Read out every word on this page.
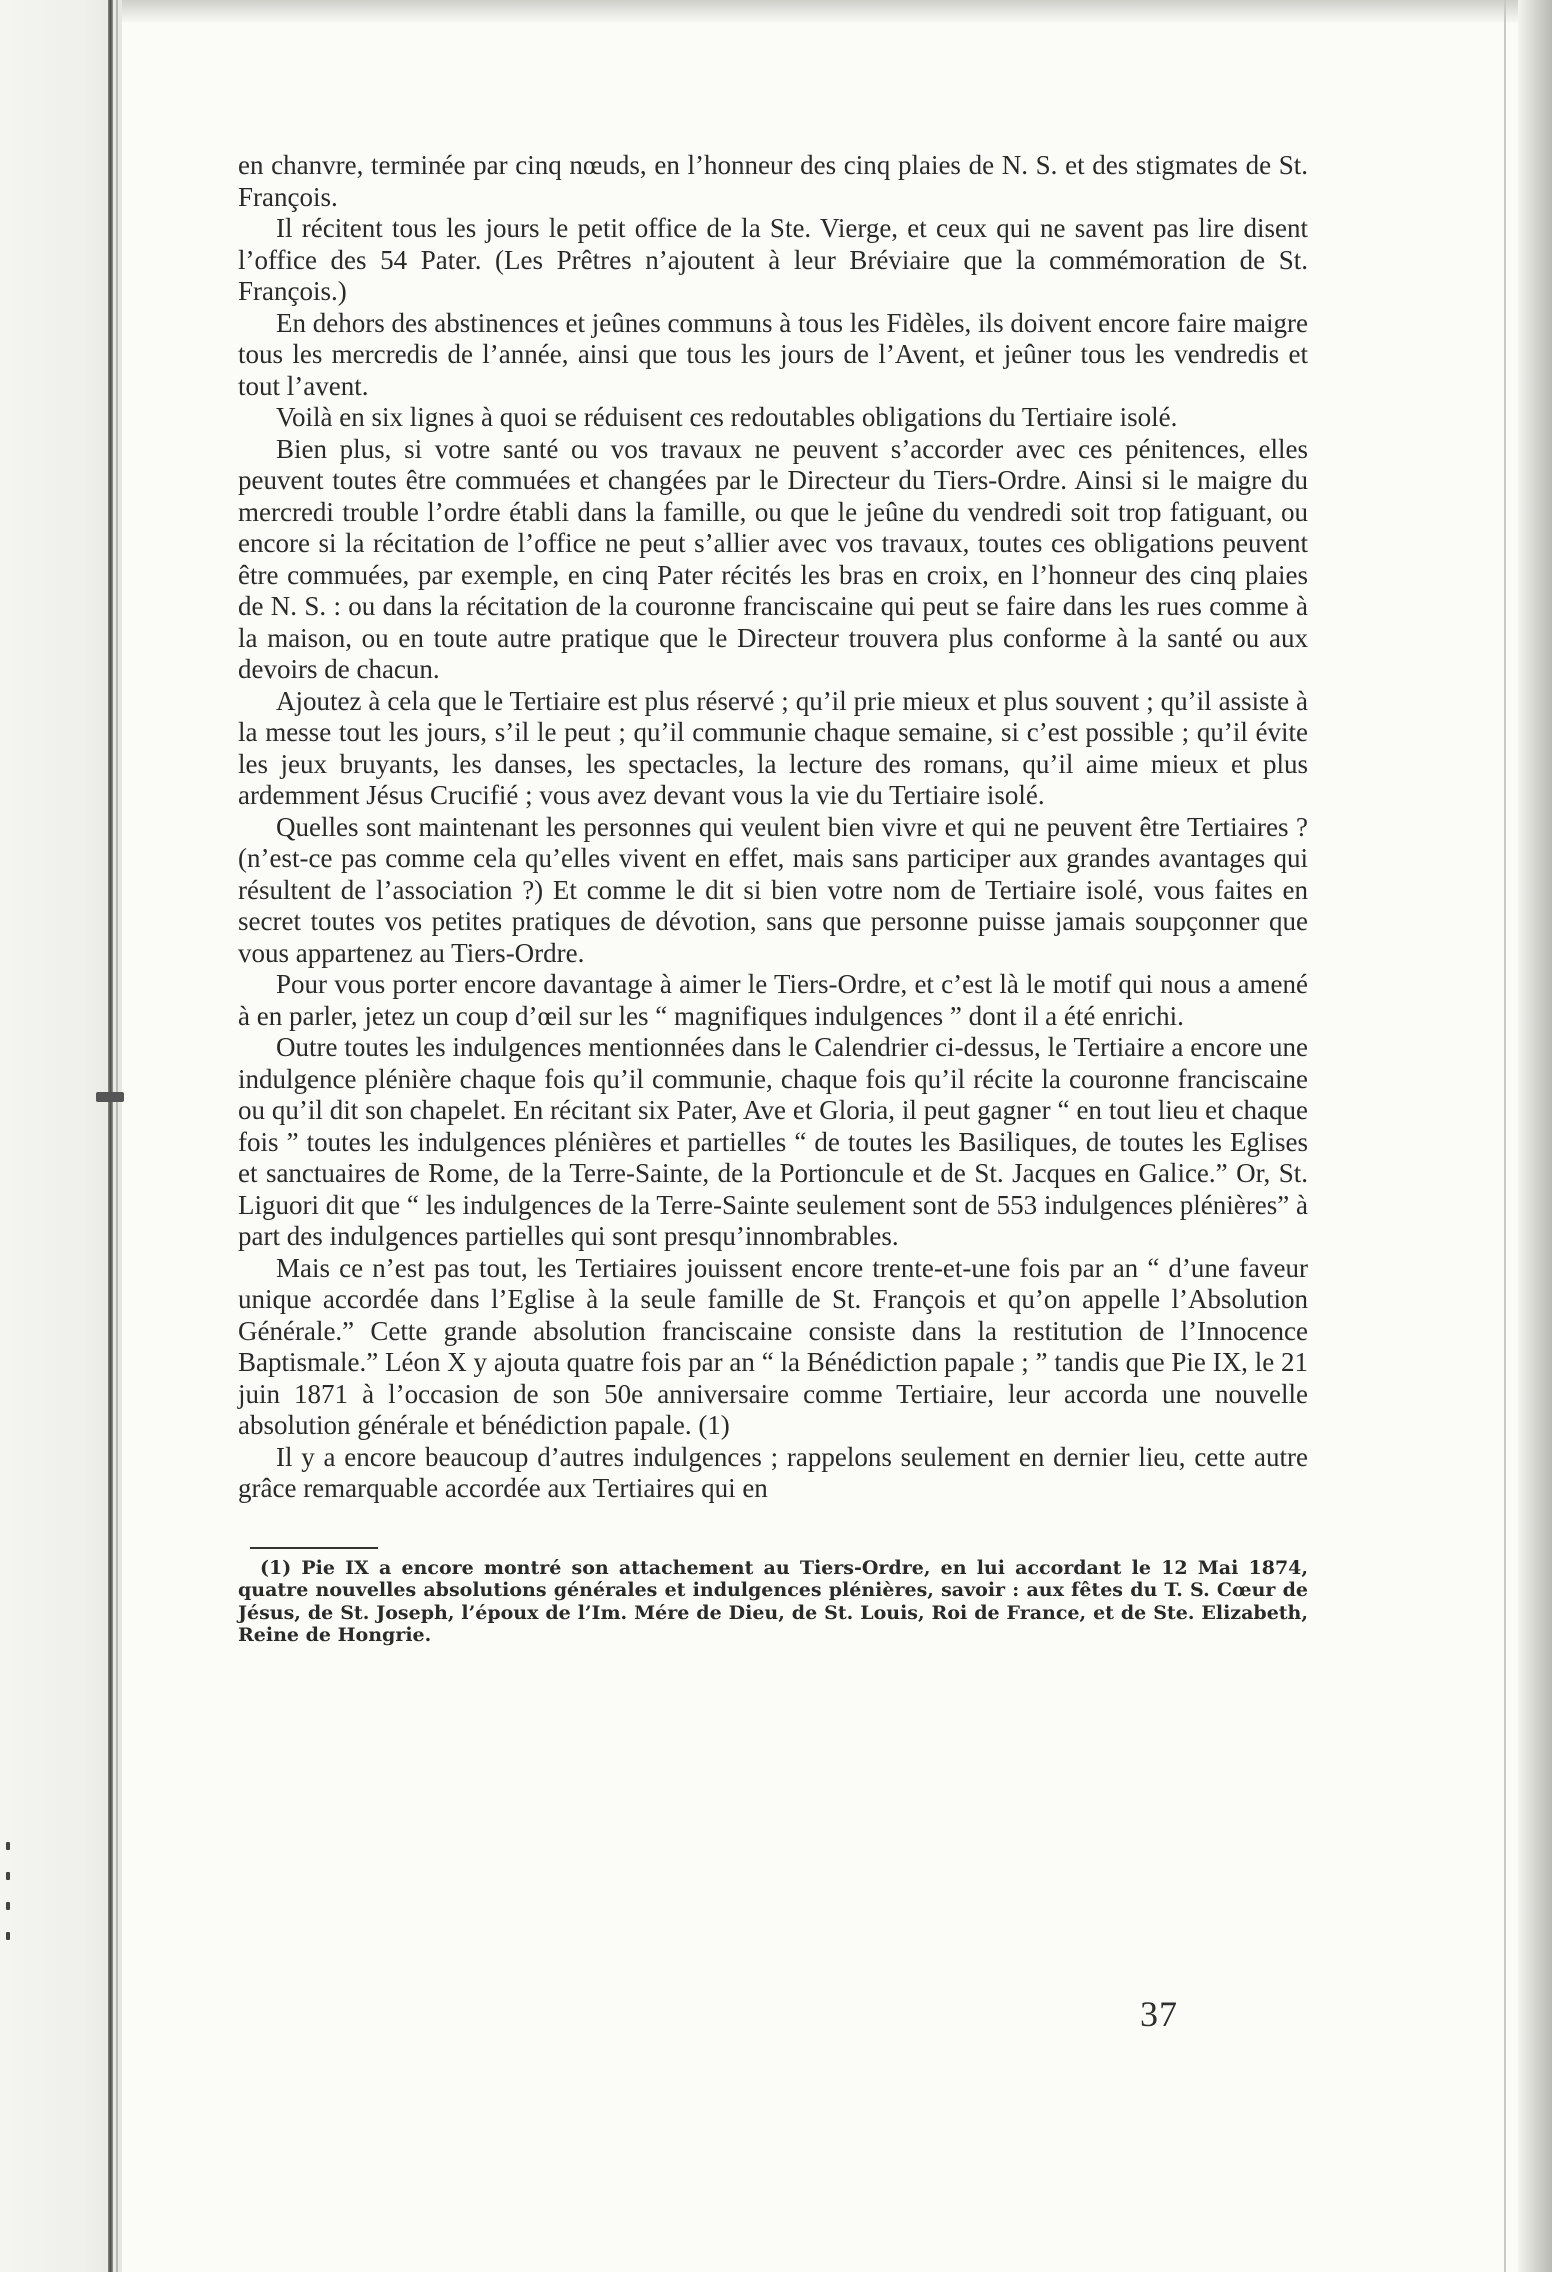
en chanvre, terminée par cinq nœuds, en l’honneur des cinq plaies de N. S. et des stigmates de St. François.

Il récitent tous les jours le petit office de la Ste. Vierge, et ceux qui ne savent pas lire disent l’office des 54 Pater. (Les Prêtres n’ajoutent à leur Bréviaire que la commémoration de St. François.)

En dehors des abstinences et jeûnes communs à tous les Fidèles, ils doivent encore faire maigre tous les mercredis de l’année, ainsi que tous les jours de l’Avent, et jeûner tous les vendredis et tout l’avent.

Voilà en six lignes à quoi se réduisent ces redoutables obligations du Tertiaire isolé.

Bien plus, si votre santé ou vos travaux ne peuvent s’accorder avec ces pénitences, elles peuvent toutes être commuées et changées par le Directeur du Tiers-Ordre. Ainsi si le maigre du mercredi trouble l’ordre établi dans la famille, ou que le jeûne du vendredi soit trop fatiguant, ou encore si la récitation de l’office ne peut s’allier avec vos travaux, toutes ces obligations peuvent être commuées, par exemple, en cinq Pater récités les bras en croix, en l’honneur des cinq plaies de N. S. : ou dans la récitation de la couronne franciscaine qui peut se faire dans les rues comme à la maison, ou en toute autre pratique que le Directeur trouvera plus conforme à la santé ou aux devoirs de chacun.

Ajoutez à cela que le Tertiaire est plus réservé ; qu’il prie mieux et plus souvent ; qu’il assiste à la messe tout les jours, s’il le peut ; qu’il communie chaque semaine, si c’est possible ; qu’il évite les jeux bruyants, les danses, les spectacles, la lecture des romans, qu’il aime mieux et plus ardemment Jésus Crucifié ; vous avez devant vous la vie du Tertiaire isolé.

Quelles sont maintenant les personnes qui veulent bien vivre et qui ne peuvent être Tertiaires ? (n’est-ce pas comme cela qu’elles vivent en effet, mais sans participer aux grandes avantages qui résultent de l’association ?) Et comme le dit si bien votre nom de Tertiaire isolé, vous faites en secret toutes vos petites pratiques de dévotion, sans que personne puisse jamais soupçonner que vous appartenez au Tiers-Ordre.

Pour vous porter encore davantage à aimer le Tiers-Ordre, et c’est là le motif qui nous a amené à en parler, jetez un coup d’œil sur les “ magnifiques indulgences ” dont il a été enrichi.

Outre toutes les indulgences mentionnées dans le Calendrier ci-dessus, le Tertiaire a encore une indulgence plénière chaque fois qu’il communie, chaque fois qu’il récite la couronne franciscaine ou qu’il dit son chapelet. En récitant six Pater, Ave et Gloria, il peut gagner “ en tout lieu et chaque fois ” toutes les indulgences plénières et partielles “ de toutes les Basiliques, de toutes les Eglises et sanctuaires de Rome, de la Terre-Sainte, de la Portioncule et de St. Jacques en Galice.” Or, St. Liguori dit que “ les indulgences de la Terre-Sainte seulement sont de 553 indulgences plénières” à part des indulgences partielles qui sont presqu’innombrables.

Mais ce n’est pas tout, les Tertiaires jouissent encore trente-et-une fois par an “ d’une faveur unique accordée dans l’Eglise à la seule famille de St. François et qu’on appelle l’Absolution Générale.” Cette grande absolution franciscaine consiste dans la restitution de l’Innocence Baptismale.” Léon X y ajouta quatre fois par an “ la Bénédiction papale ; ” tandis que Pie IX, le 21 juin 1871 à l’occasion de son 50e anniversaire comme Tertiaire, leur accorda une nouvelle absolution générale et bénédiction papale. (1)

Il y a encore beaucoup d’autres indulgences ; rappelons seulement en dernier lieu, cette autre grâce remarquable accordée aux Tertiaires qui en

(1) Pie IX a encore montré son attachement au Tiers-Ordre, en lui accordant le 12 Mai 1874, quatre nouvelles absolutions générales et indulgences plénières, savoir : aux fêtes du T. S. Cœur de Jésus, de St. Joseph, l’époux de l’Im. Mére de Dieu, de St. Louis, Roi de France, et de Ste. Elizabeth, Reine de Hongrie.

37
